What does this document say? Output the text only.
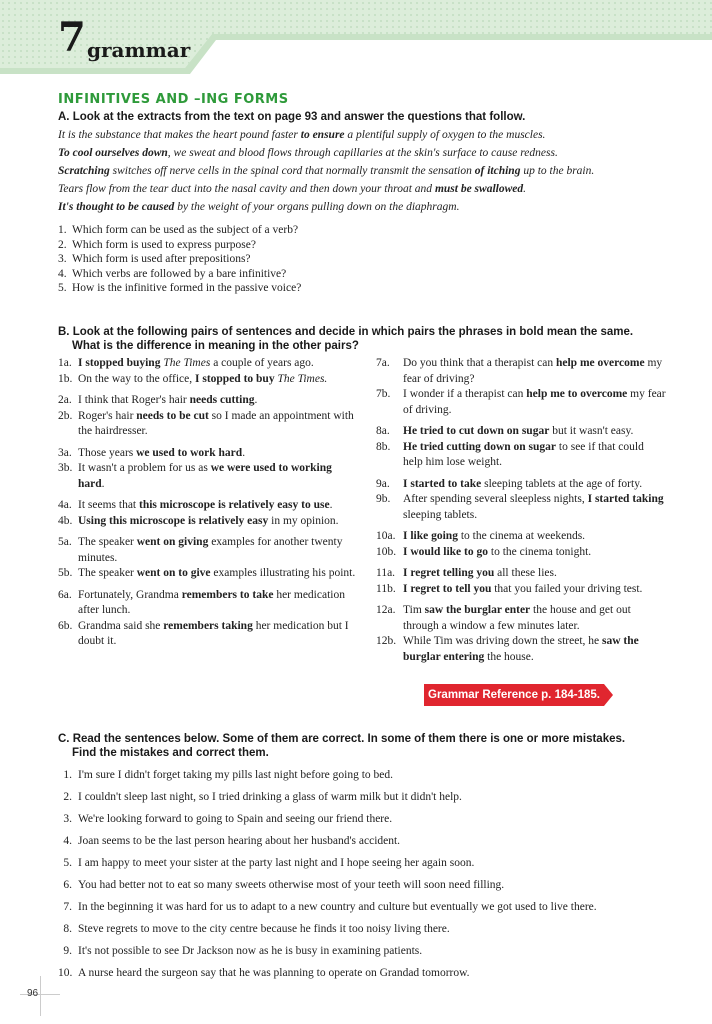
7 grammar
INFINITIVES AND –ING FORMS
A. Look at the extracts from the text on page 93 and answer the questions that follow.
It is the substance that makes the heart pound faster to ensure a plentiful supply of oxygen to the muscles.
To cool ourselves down, we sweat and blood flows through capillaries at the skin's surface to cause redness.
Scratching switches off nerve cells in the spinal cord that normally transmit the sensation of itching up to the brain.
Tears flow from the tear duct into the nasal cavity and then down your throat and must be swallowed.
It's thought to be caused by the weight of your organs pulling down on the diaphragm.
1. Which form can be used as the subject of a verb?
2. Which form is used to express purpose?
3. Which form is used after prepositions?
4. Which verbs are followed by a bare infinitive?
5. How is the infinitive formed in the passive voice?
B. Look at the following pairs of sentences and decide in which pairs the phrases in bold mean the same.
What is the difference in meaning in the other pairs?
1a. I stopped buying The Times a couple of years ago.
1b. On the way to the office, I stopped to buy The Times.
2a. I think that Roger's hair needs cutting.
2b. Roger's hair needs to be cut so I made an appointment with the hairdresser.
3a. Those years we used to work hard.
3b. It wasn't a problem for us as we were used to working hard.
4a. It seems that this microscope is relatively easy to use.
4b. Using this microscope is relatively easy in my opinion.
5a. The speaker went on giving examples for another twenty minutes.
5b. The speaker went on to give examples illustrating his point.
6a. Fortunately, Grandma remembers to take her medication after lunch.
6b. Grandma said she remembers taking her medication but I doubt it.
7a.	Do you think that a therapist can help me overcome my fear of driving?
7b.	I wonder if a therapist can help me to overcome my fear of driving.
8a.	He tried to cut down on sugar but it wasn't easy.
8b.	He tried cutting down on sugar to see if that could help him lose weight.
9a.	I started to take sleeping tablets at the age of forty.
9b.	After spending several sleepless nights, I started taking sleeping tablets.
10a. I like going to the cinema at weekends.
10b. I would like to go to the cinema tonight.
11a. I regret telling you all these lies.
11b. I regret to tell you that you failed your driving test.
12a. Tim saw the burglar enter the house and get out through a window a few minutes later.
12b. While Tim was driving down the street, he saw the burglar entering the house.
Grammar Reference p. 184-185.
C. Read the sentences below. Some of them are correct. In some of them there is one or more mistakes.
Find the mistakes and correct them.
1. I'm sure I didn't forget taking my pills last night before going to bed.
2. I couldn't sleep last night, so I tried drinking a glass of warm milk but it didn't help.
3. We're looking forward to going to Spain and seeing our friend there.
4. Joan seems to be the last person hearing about her husband's accident.
5. I am happy to meet your sister at the party last night and I hope seeing her again soon.
6. You had better not to eat so many sweets otherwise most of your teeth will soon need filling.
7. In the beginning it was hard for us to adapt to a new country and culture but eventually we got used to live there.
8. Steve regrets to move to the city centre because he finds it too noisy living there.
9. It's not possible to see Dr Jackson now as he is busy in examining patients.
10. A nurse heard the surgeon say that he was planning to operate on Grandad tomorrow.
96
